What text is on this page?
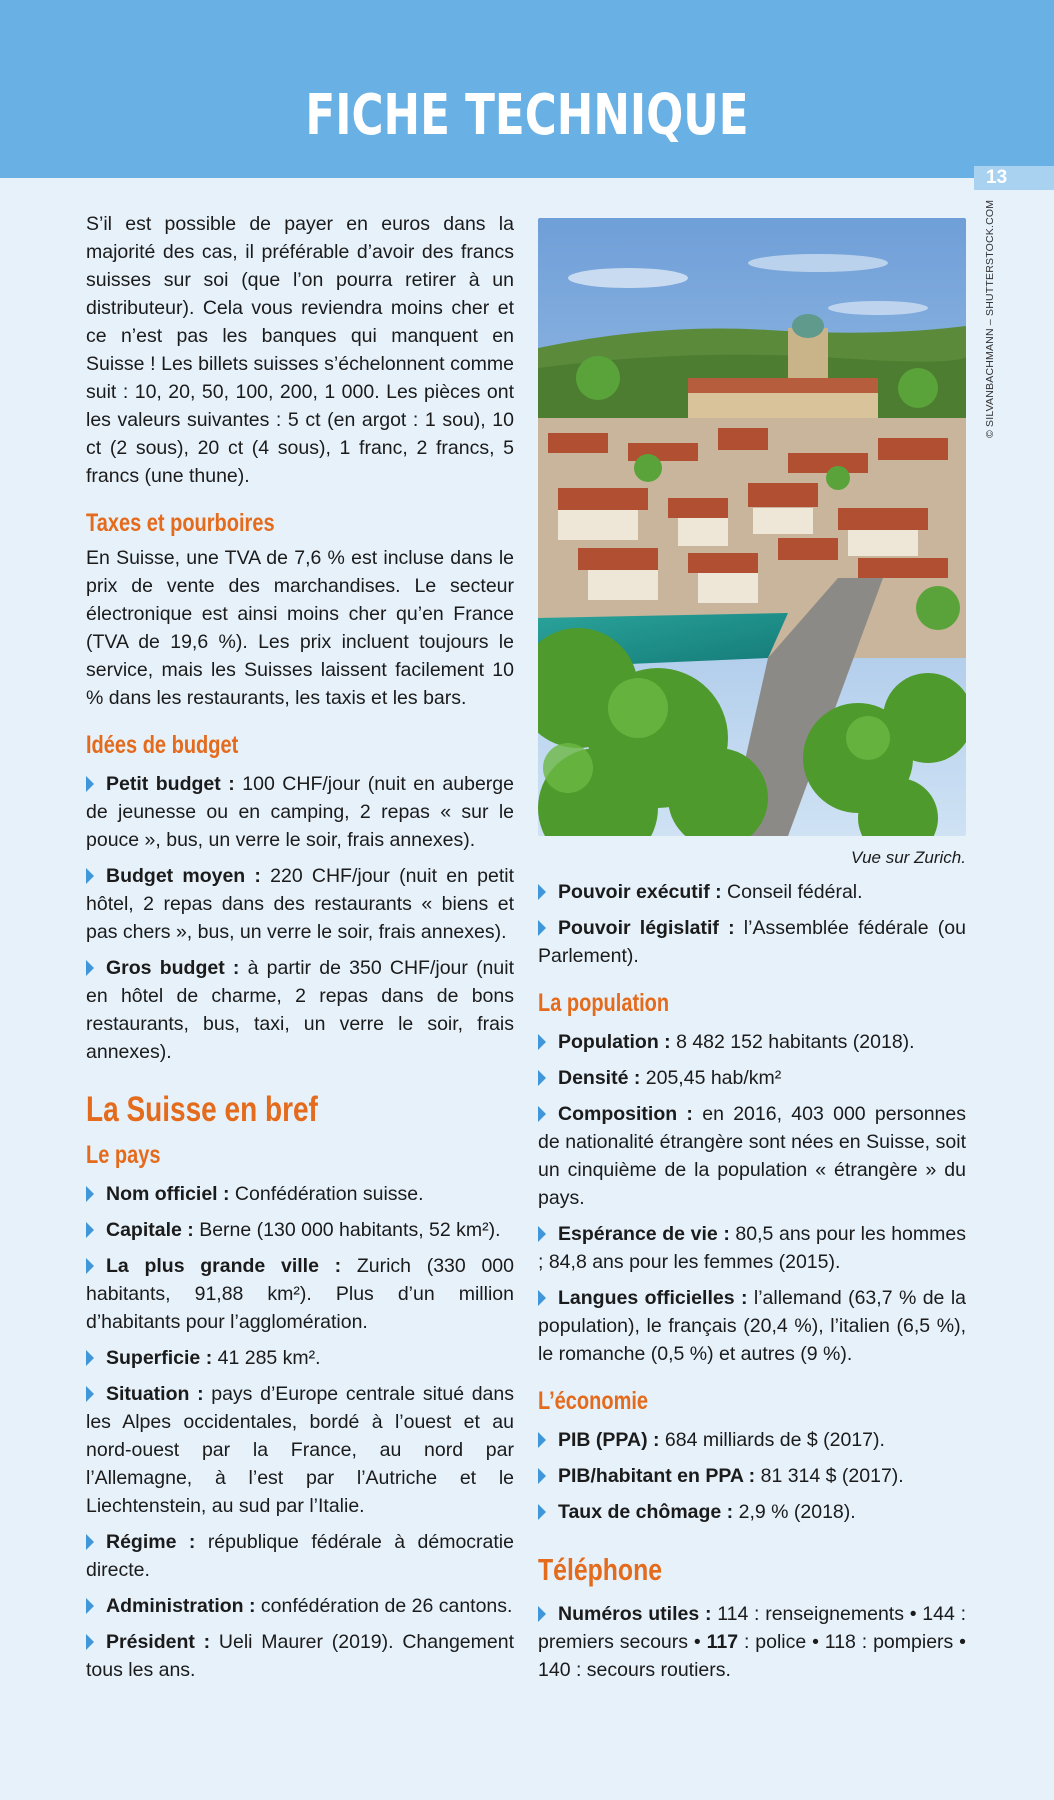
FICHE TECHNIQUE
13

S’il est possible de payer en euros dans la majorité des cas, il préférable d’avoir des francs suisses sur soi (que l’on pourra retirer à un distributeur). Cela vous reviendra moins cher et ce n’est pas les banques qui manquent en Suisse ! Les billets suisses s’échelonnent comme suit : 10, 20, 50, 100, 200, 1 000. Les pièces ont les valeurs suivantes : 5 ct (en argot : 1 sou), 10 ct (2 sous), 20 ct (4 sous), 1 franc, 2 francs, 5 francs (une thune).

Taxes et pourboires

En Suisse, une TVA de 7,6 % est incluse dans le prix de vente des marchandises. Le secteur électronique est ainsi moins cher qu’en France (TVA de 19,6 %). Les prix incluent toujours le service, mais les Suisses laissent facilement 10 % dans les restaurants, les taxis et les bars.

Idées de budget
Petit budget : 100 CHF/jour (nuit en auberge de jeunesse ou en camping, 2 repas « sur le pouce », bus, un verre le soir, frais annexes).
Budget moyen : 220 CHF/jour (nuit en petit hôtel, 2 repas dans des restaurants « biens et pas chers », bus, un verre le soir, frais annexes).
Gros budget : à partir de 350 CHF/jour (nuit en hôtel de charme, 2 repas dans de bons restaurants, bus, taxi, un verre le soir, frais annexes).
La Suisse en bref
Le pays
Nom officiel : Confédération suisse.
Capitale : Berne (130 000 habitants, 52 km²).
La plus grande ville : Zurich (330 000 habitants, 91,88 km²). Plus d’un million d’habitants pour l’agglomération.
Superficie : 41 285 km².
Situation : pays d’Europe centrale situé dans les Alpes occidentales, bordé à l’ouest et au nord-ouest par la France, au nord par l’Allemagne, à l’est par l’Autriche et le Liechtenstein, au sud par l’Italie.
Régime : république fédérale à démocratie directe.
Administration : confédération de 26 cantons.
Président : Ueli Maurer (2019). Changement tous les ans.
Vue sur Zurich.
Pouvoir exécutif : Conseil fédéral.
Pouvoir législatif : l’Assemblée fédérale (ou Parlement).
La population
Population : 8 482 152 habitants (2018).
Densité : 205,45 hab/km²
Composition : en 2016, 403 000 personnes de nationalité étrangère sont nées en Suisse, soit un cinquième de la population « étrangère » du pays.
Espérance de vie : 80,5 ans pour les hommes ; 84,8 ans pour les femmes (2015).
Langues officielles : l’allemand (63,7 % de la population), le français (20,4 %), l’italien (6,5 %), le romanche (0,5 %) et autres (9 %).
L’économie
PIB (PPA) : 684 milliards de $ (2017).
PIB/habitant en PPA : 81 314 $ (2017).
Taux de chômage : 2,9 % (2018).
Téléphone
Numéros utiles : 114 : renseignements • 144 : premiers secours • 117 : police • 118 : pompiers • 140 : secours routiers.
© SILVANBACHMANN – SHUTTERSTOCK.COM
